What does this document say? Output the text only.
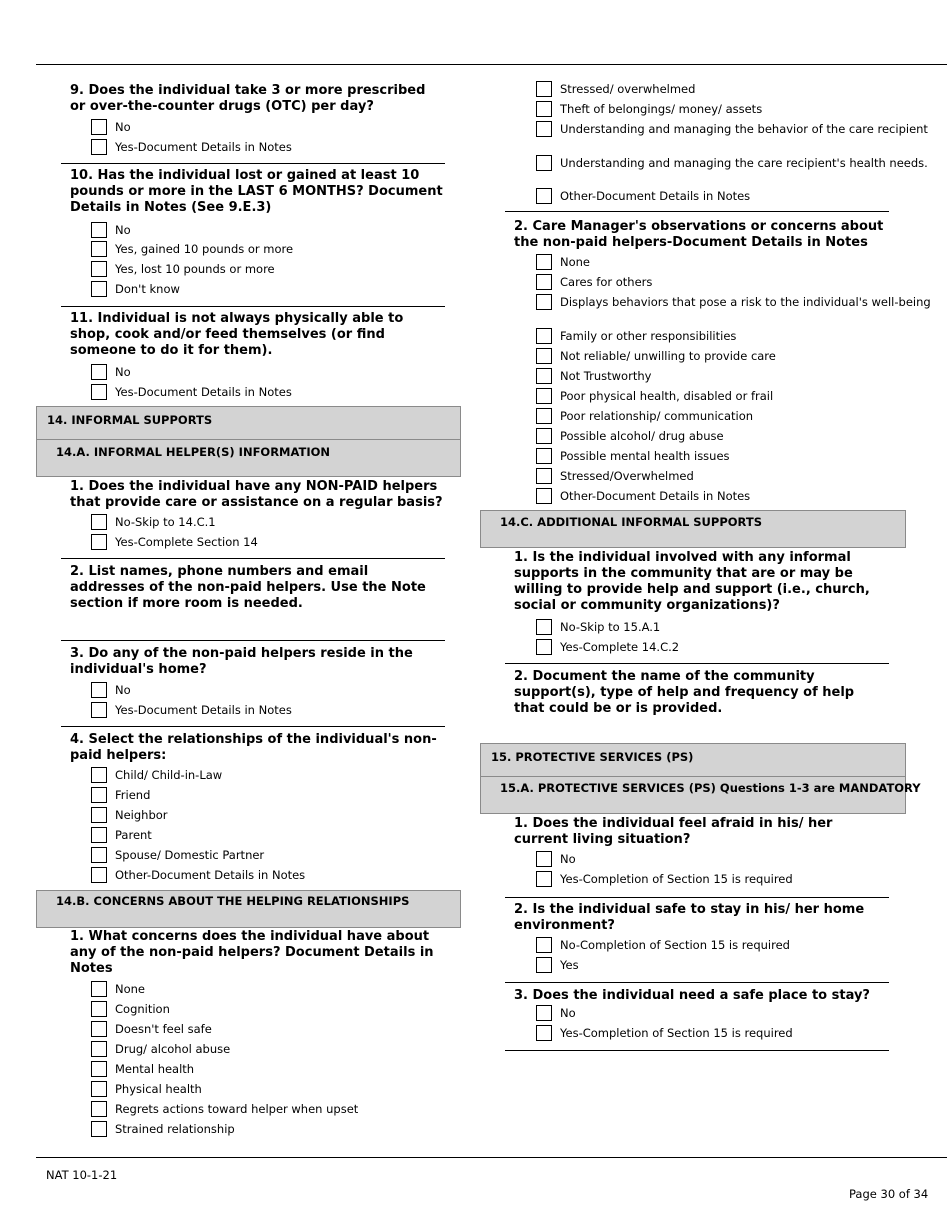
9. Does the individual take 3 or more prescribed or over-the-counter drugs (OTC) per day?
10. Has the individual lost or gained at least 10 pounds or more in the LAST 6 MONTHS? Document Details in Notes (See 9.E.3)
11. Individual is not always physically able to shop, cook and/or feed themselves (or find someone to do it for them).
14. INFORMAL SUPPORTS
14.A. INFORMAL HELPER(S) INFORMATION
1. Does the individual have any NON-PAID helpers that provide care or assistance on a regular basis?
2. List names, phone numbers and email addresses of the non-paid helpers. Use the Note section if more room is needed.
3. Do any of the non-paid helpers reside in the individual's home?
4. Select the relationships of the individual's non-paid helpers:
14.B. CONCERNS ABOUT THE HELPING RELATIONSHIPS
1. What concerns does the individual have about any of the non-paid helpers? Document Details in Notes
2. Care Manager's observations or concerns about the non-paid helpers-Document Details in Notes
14.C. ADDITIONAL INFORMAL SUPPORTS
1. Is the individual involved with any informal supports in the community that are or may be willing to provide help and support (i.e., church, social or community organizations)?
2. Document the name of the community support(s), type of help and frequency of help that could be or is provided.
15. PROTECTIVE SERVICES (PS)
15.A. PROTECTIVE SERVICES (PS) Questions 1-3 are MANDATORY
1. Does the individual feel afraid in his/ her current living situation?
2. Is the individual safe to stay in his/ her home environment?
3. Does the individual need a safe place to stay?
NAT 10-1-21
Page 30 of 34
No
Yes-Document Details in Notes
No
Yes, gained 10 pounds or more
Yes, lost 10 pounds or more
Don't know
No
Yes-Document Details in Notes
No-Skip to 14.C.1
Yes-Complete Section 14
No
Yes-Document Details in Notes
Child/ Child-in-Law
Friend
Neighbor
Parent
Spouse/ Domestic Partner
Other-Document Details in Notes
None
Cognition
Doesn't feel safe
Drug/ alcohol abuse
Mental health
Physical health
Regrets actions toward helper when upset
Strained relationship
Stressed/ overwhelmed
Theft of belongings/ money/ assets
Understanding and managing the behavior of the care recipient
Understanding and managing the care recipient's health needs.
Other-Document Details in Notes
None
Cares for others
Displays behaviors that pose a risk to the individual's well-being
Family or other responsibilities
Not reliable/ unwilling to provide care
Not Trustworthy
Poor physical health, disabled or frail
Poor relationship/ communication
Possible alcohol/ drug abuse
Possible mental health issues
Stressed/Overwhelmed
Other-Document Details in Notes
No-Skip to 15.A.1
Yes-Complete 14.C.2
No
Yes-Completion of Section 15 is required
No-Completion of Section 15 is required
Yes
No
Yes-Completion of Section 15 is required
